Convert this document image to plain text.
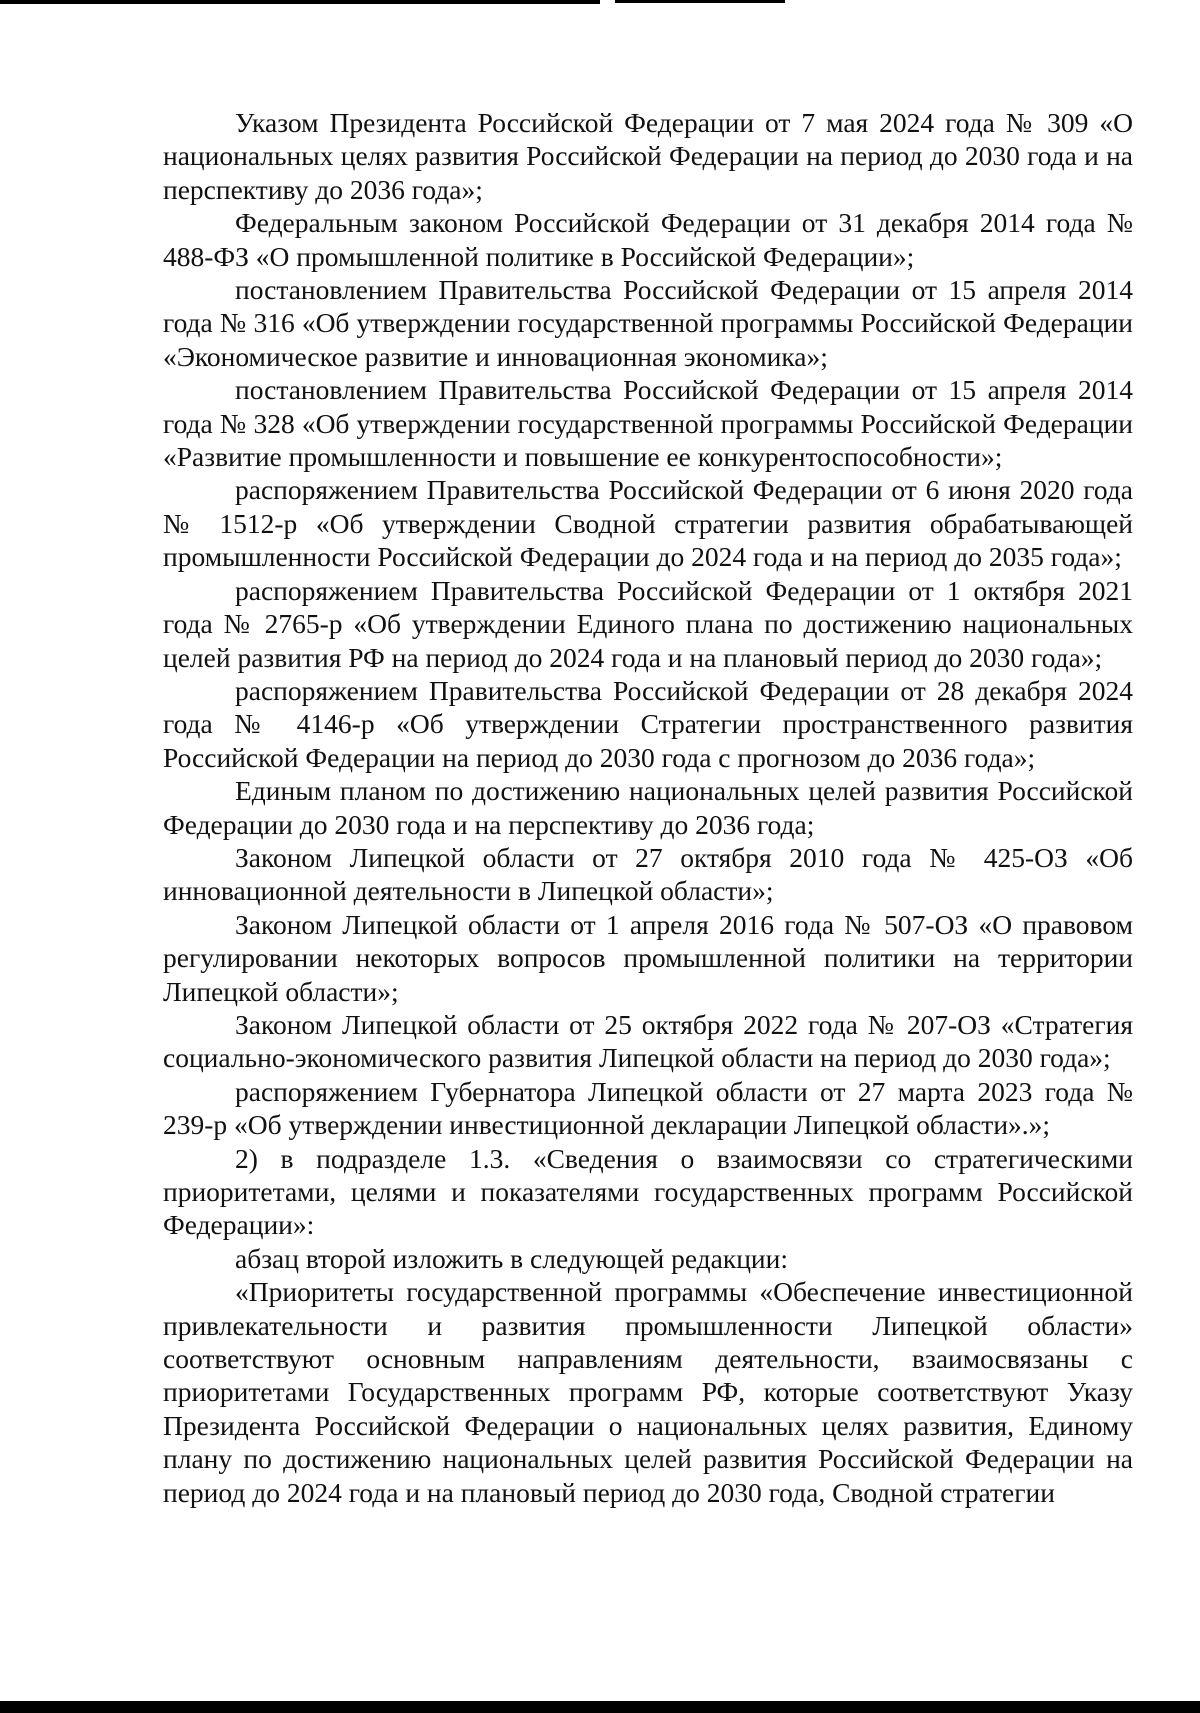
Указом Президента Российской Федерации от 7 мая 2024 года № 309 «О национальных целях развития Российской Федерации на период до 2030 года и на перспективу до 2036 года»;

Федеральным законом Российской Федерации от 31 декабря 2014 года № 488-ФЗ «О промышленной политике в Российской Федерации»;

постановлением Правительства Российской Федерации от 15 апреля 2014 года № 316 «Об утверждении государственной программы Российской Федерации «Экономическое развитие и инновационная экономика»;

постановлением Правительства Российской Федерации от 15 апреля 2014 года № 328 «Об утверждении государственной программы Российской Федерации «Развитие промышленности и повышение ее конкурентоспособности»;

распоряжением Правительства Российской Федерации от 6 июня 2020 года № 1512-р «Об утверждении Сводной стратегии развития обрабатывающей промышленности Российской Федерации до 2024 года и на период до 2035 года»;

распоряжением Правительства Российской Федерации от 1 октября 2021 года № 2765-р «Об утверждении Единого плана по достижению национальных целей развития РФ на период до 2024 года и на плановый период до 2030 года»;

распоряжением Правительства Российской Федерации от 28 декабря 2024 года № 4146-р «Об утверждении Стратегии пространственного развития Российской Федерации на период до 2030 года с прогнозом до 2036 года»;

Единым планом по достижению национальных целей развития Российской Федерации до 2030 года и на перспективу до 2036 года;

Законом Липецкой области от 27 октября 2010 года № 425-ОЗ «Об инновационной деятельности в Липецкой области»;

Законом Липецкой области от 1 апреля 2016 года № 507-ОЗ «О правовом регулировании некоторых вопросов промышленной политики на территории Липецкой области»;

Законом Липецкой области от 25 октября 2022 года № 207-ОЗ «Стратегия социально-экономического развития Липецкой области на период до 2030 года»;

распоряжением Губернатора Липецкой области от 27 марта 2023 года № 239-р «Об утверждении инвестиционной декларации Липецкой области».»;

2) в подразделе 1.3. «Сведения о взаимосвязи со стратегическими приоритетами, целями и показателями государственных программ Российской Федерации»:

абзац второй изложить в следующей редакции:

«Приоритеты государственной программы «Обеспечение инвестиционной привлекательности и развития промышленности Липецкой области» соответствуют основным направлениям деятельности, взаимосвязаны с приоритетами Государственных программ РФ, которые соответствуют Указу Президента Российской Федерации о национальных целях развития, Единому плану по достижению национальных целей развития Российской Федерации на период до 2024 года и на плановый период до 2030 года, Сводной стратегии
